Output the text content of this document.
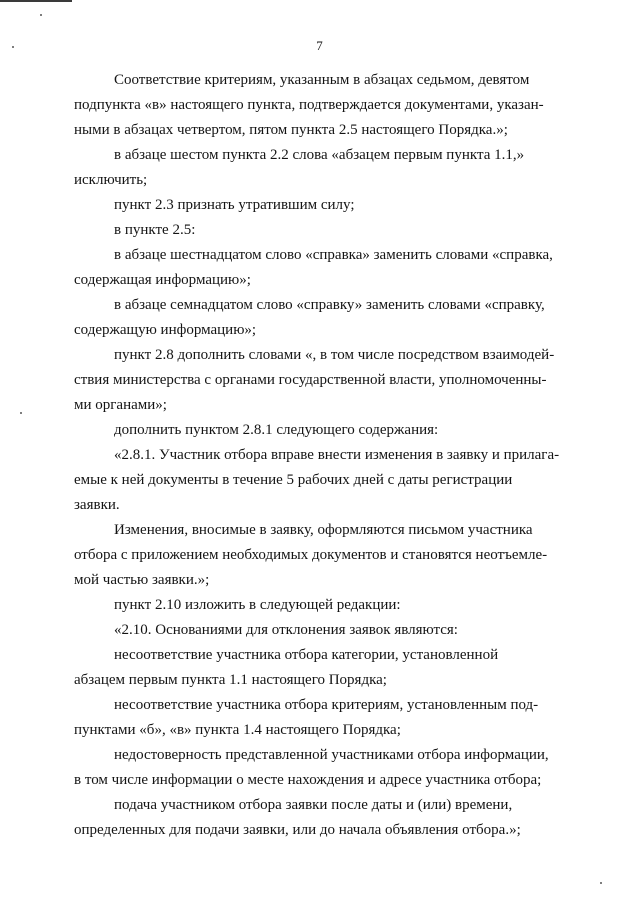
7

Соответствие критериям, указанным в абзацах седьмом, девятом
подпункта «в» настоящего пункта, подтверждается документами, указан-
ными в абзацах четвертом, пятом пункта 2.5 настоящего Порядка.»;

в абзаце шестом пункта 2.2 слова «абзацем первым пункта 1.1,»
исключить;

пункт 2.3 признать утратившим силу;

в пункте 2.5:

в абзаце шестнадцатом слово «справка» заменить словами «справка,
содержащая информацию»;

в абзаце семнадцатом слово «справку» заменить словами «справку,
содержащую информацию»;

пункт 2.8 дополнить словами «, в том числе посредством взаимодей-
ствия министерства с органами государственной власти, уполномоченны-
ми органами»;

дополнить пунктом 2.8.1 следующего содержания:

«2.8.1. Участник отбора вправе внести изменения в заявку и прилага-
емые к ней документы в течение 5 рабочих дней с даты регистрации
заявки.

Изменения, вносимые в заявку, оформляются письмом участника
отбора с приложением необходимых документов и становятся неотъемле-
мой частью заявки.»;

пункт 2.10 изложить в следующей редакции:

«2.10. Основаниями для отклонения заявок являются:

несоответствие участника отбора категории, установленной
абзацем первым пункта 1.1 настоящего Порядка;

несоответствие участника отбора критериям, установленным под-
пунктами «б», «в» пункта 1.4 настоящего Порядка;

недостоверность представленной участниками отбора информации,
в том числе информации о месте нахождения и адресе участника отбора;

подача участником отбора заявки после даты и (или) времени,
определенных для подачи заявки, или до начала объявления отбора.»;
